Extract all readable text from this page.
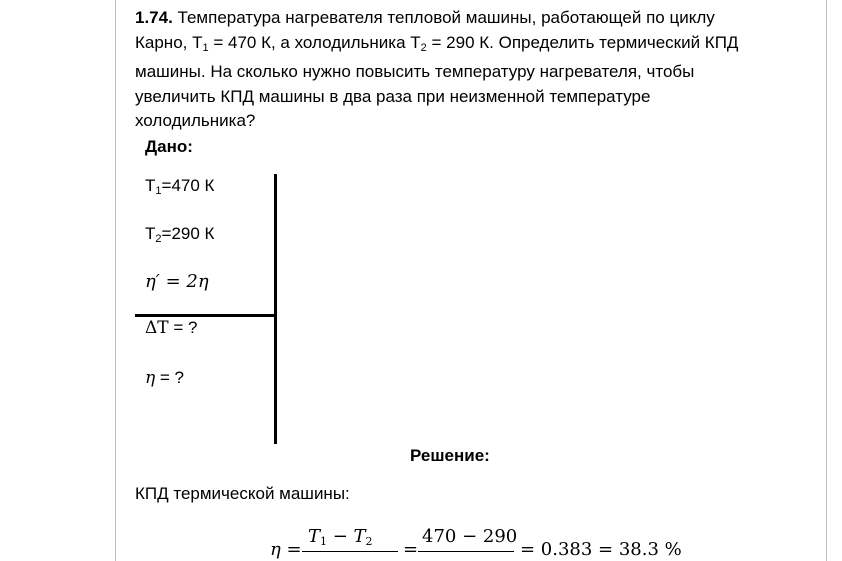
1.74. Температура нагревателя тепловой машины, работающей по циклу

Карно, $Т_1 = 470$ К, а холодильника $Т_2 = 290$ К. Определить термический КПД

машины. На сколько нужно повысить температуру нагревателя, чтобы

увеличить КПД машины в два раза при неизменной температуре

холодильника?

Дано:
$Т_1=470$ К
$Т_2=290$ К
η′ = 2η
ΔT = ?
η = ?
Решение:
КПД термической машины:
η =
$T_1 - T_2$ =
470 − 290
= 0.383 = 38.3 %
